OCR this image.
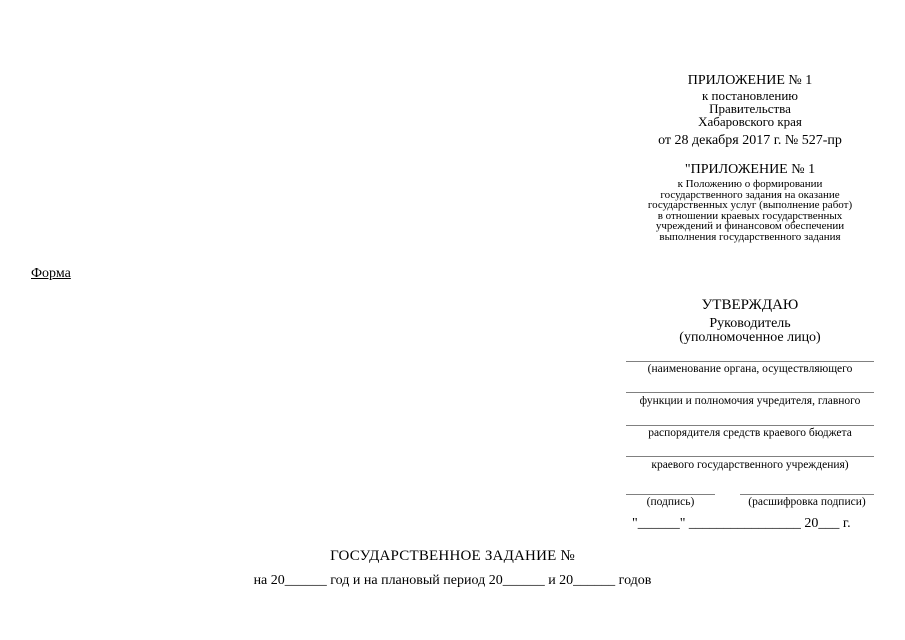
ПРИЛОЖЕНИЕ № 1
к постановлению
Правительства
Хабаровского края
от 28 декабря 2017 г. № 527-пр
"ПРИЛОЖЕНИЕ № 1
к Положению о формировании
государственного задания на оказание
государственных услуг (выполнение работ)
в отношении краевых государственных
учреждений и финансовом обеспечении
выполнения государственного задания
Форма
УТВЕРЖДАЮ
Руководитель
(уполномоченное лицо)
(наименование органа, осуществляющего
функции и полномочия учредителя, главного
распорядителя средств краевого бюджета
краевого государственного учреждения)
(подпись)	(расшифровка подписи)
"______" ________________ 20___ г.
ГОСУДАРСТВЕННОЕ ЗАДАНИЕ №
на 20______ год и на плановый период 20______ и 20______ годов
